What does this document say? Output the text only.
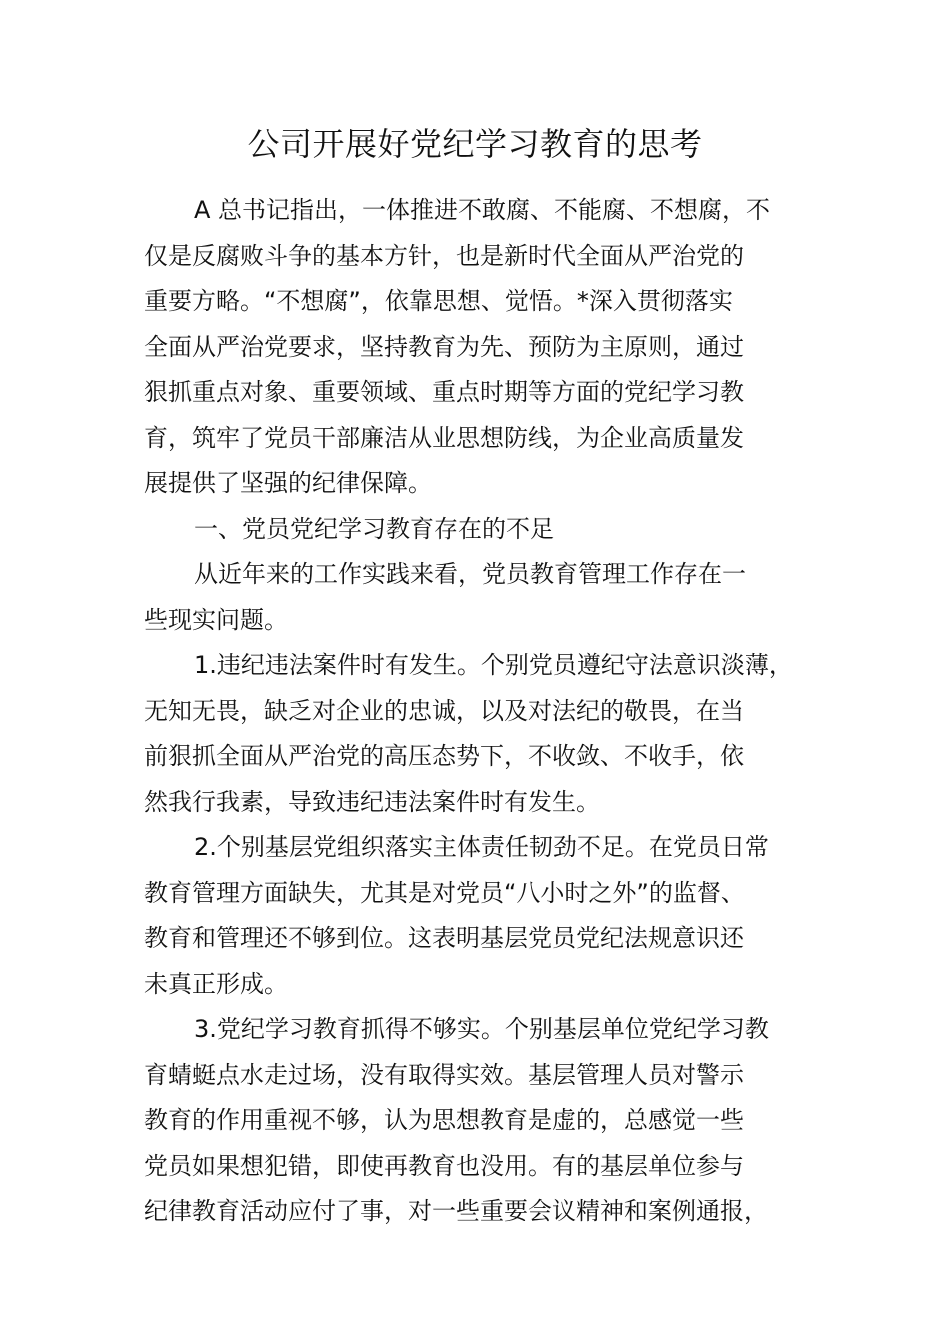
公司开展好党纪学习教育的思考

A 总书记指出，一体推进不敢腐、不能腐、不想腐，不
仅是反腐败斗争的基本方针，也是新时代全面从严治党的
重要方略。“不想腐”，依靠思想、觉悟。*深入贯彻落实
全面从严治党要求，坚持教育为先、预防为主原则，通过
狠抓重点对象、重要领域、重点时期等方面的党纪学习教
育，筑牢了党员干部廉洁从业思想防线，为企业高质量发
展提供了坚强的纪律保障。

一、党员党纪学习教育存在的不足

从近年来的工作实践来看，党员教育管理工作存在一
些现实问题。

1.违纪违法案件时有发生。个别党员遵纪守法意识淡薄，
无知无畏，缺乏对企业的忠诚，以及对法纪的敬畏，在当
前狠抓全面从严治党的高压态势下，不收敛、不收手，依
然我行我素，导致违纪违法案件时有发生。

2.个别基层党组织落实主体责任韧劲不足。在党员日常
教育管理方面缺失，尤其是对党员“八小时之外”的监督、
教育和管理还不够到位。这表明基层党员党纪法规意识还
未真正形成。

3.党纪学习教育抓得不够实。个别基层单位党纪学习教
育蜻蜓点水走过场，没有取得实效。基层管理人员对警示
教育的作用重视不够，认为思想教育是虚的，总感觉一些
党员如果想犯错，即使再教育也没用。有的基层单位参与
纪律教育活动应付了事，对一些重要会议精神和案例通报，
